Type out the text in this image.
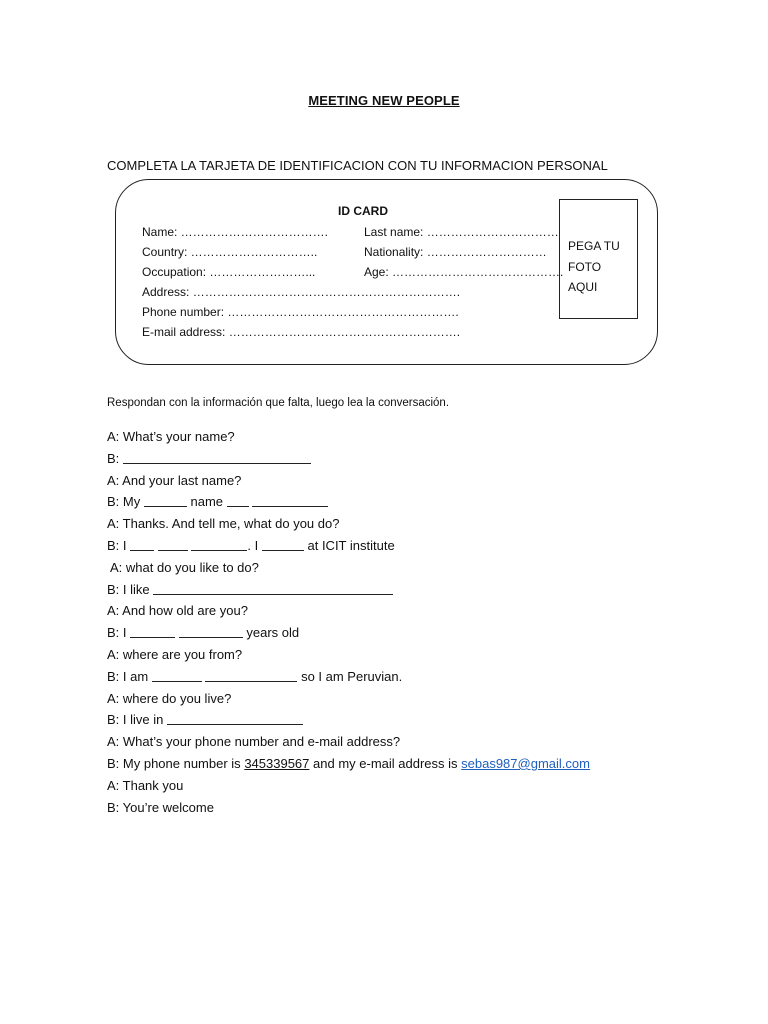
MEETING NEW PEOPLE
COMPLETA LA TARJETA DE IDENTIFICACION CON TU INFORMACION PERSONAL
ID CARD
Name: ……………………………….	Last name: ……………………………
Country: …………………………..	Nationality: …………………………
Occupation: ……………………...	Age: …………………………………….
Address: ………………………………………………………….
Phone number: ………………………………………………….
E-mail address: ………………………………………………….
PEGA TU
FOTO
AQUI
Respondan con la información que falta, luego lea la conversación.
A: What’s your name?
B:
A: And your last name?
B: My	name
A: Thanks. And tell me, what do you do?
B: I	. I	at ICIT institute
A: what do you like to do?
B: I like
A: And how old are you?
B: I	years old
A: where are you from?
B: I am	so I am Peruvian.
A: where do you live?
B: I live in
A: What’s your phone number and e-mail address?
B: My phone number is 345339567 and my e-mail address is sebas987@gmail.com
A: Thank you
B: You’re welcome
